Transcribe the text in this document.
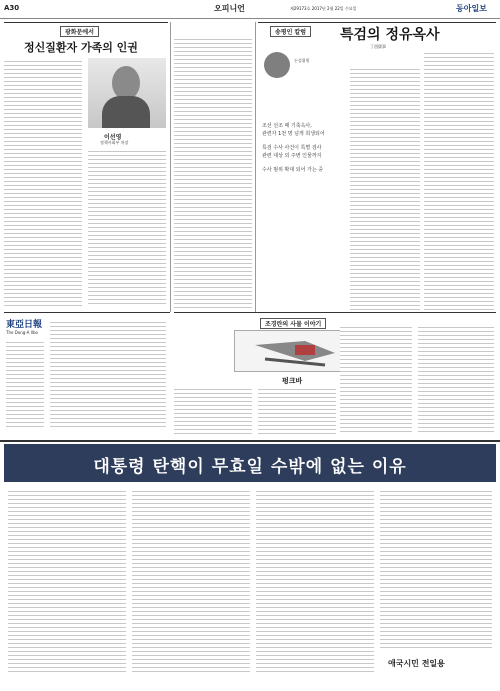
A30	오피니언	제29173호 2017년 2월 22일 수요일	동아일보
광화문에서
정신질환자 가족의 인권
이선영
정책사회부 차장
송평인 칼럼	특검의 정유옥사
丁酉獄事
논설위원
조선 선조 때 기축옥사,
관련자 1천 명 넘게 희생되어
특검 수사 사건이 특별 검사
관련 대상 외 주변 인물까지
수사 범위 확대 되어 가는 중
조경란의 사물 이야기
펑크바
東亞日報
The Dong-A Ilbo
대통령 탄핵이 무효일 수밖에 없는 이유
애국시민 전일용
